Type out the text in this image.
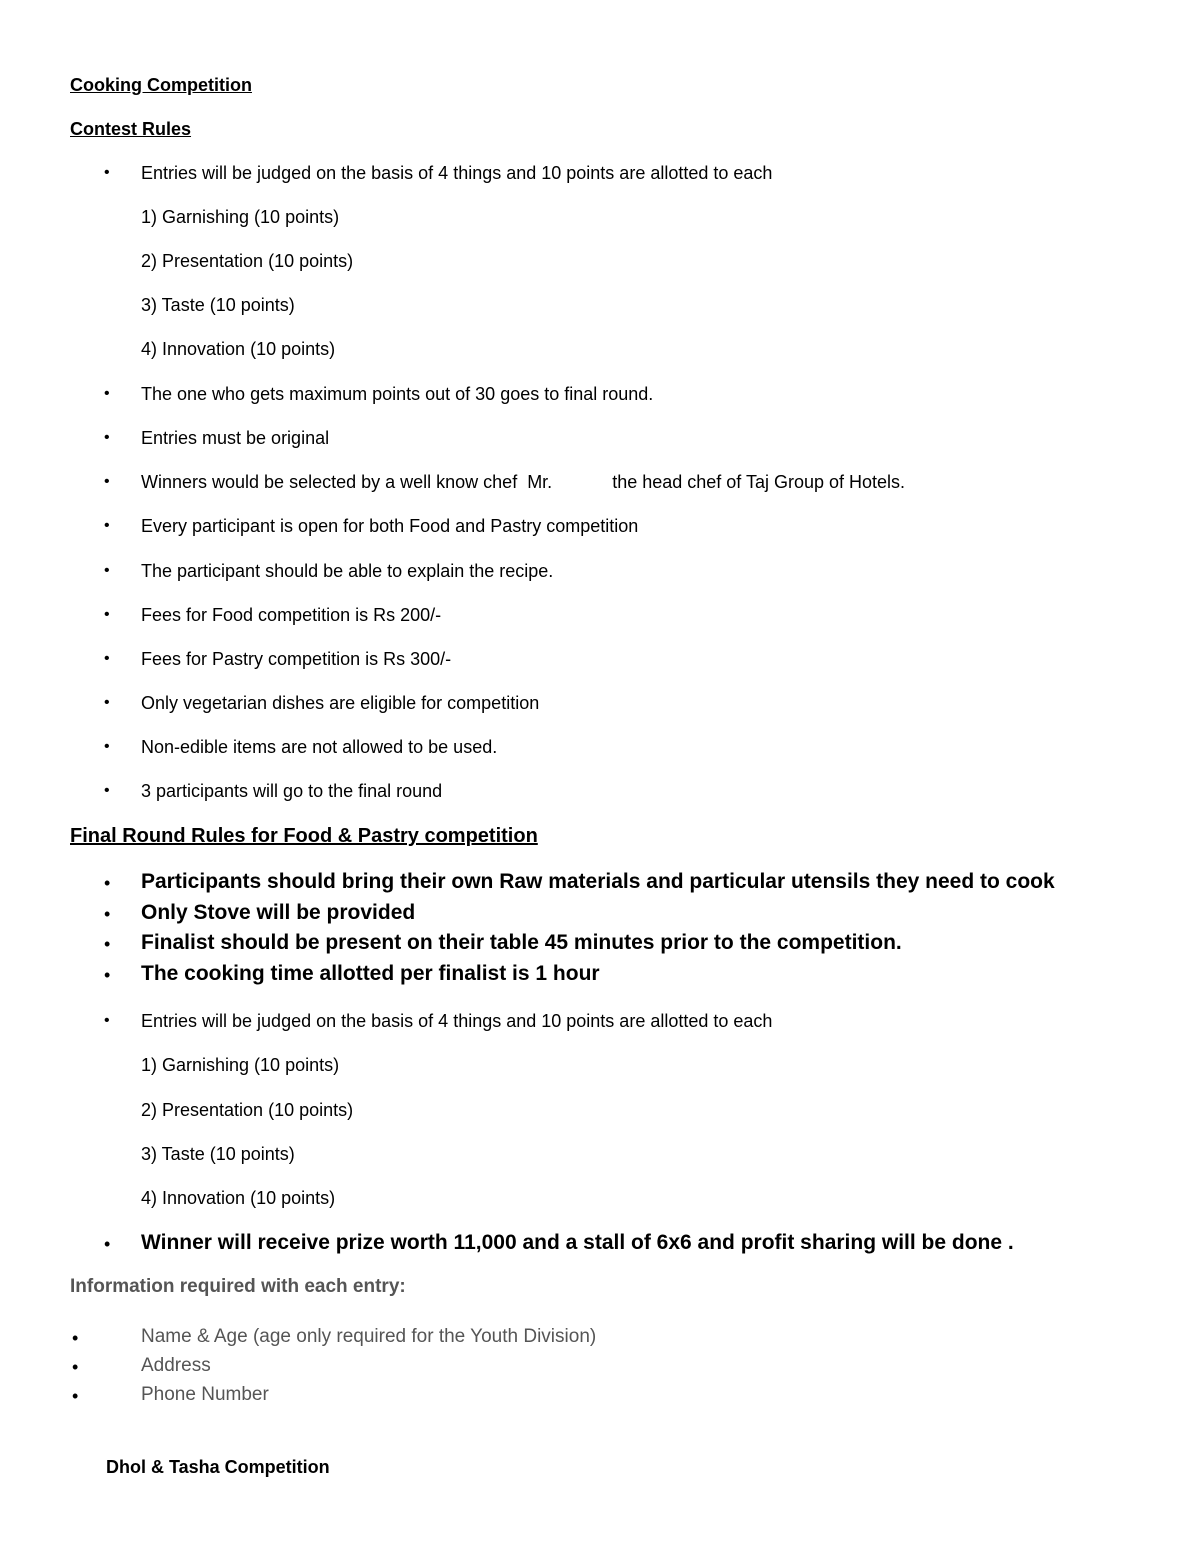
Cooking Competition
Contest Rules
• Entries will be judged on the basis of 4 things and 10 points are allotted to each
1) Garnishing (10 points)
2) Presentation (10 points)
3) Taste (10 points)
4) Innovation (10 points)
• The one who gets maximum points out of 30 goes to final round.
• Entries must be original
• Winners would be selected by a well know chef  Mr.            the head chef of Taj Group of Hotels.
• Every participant is open for both Food and Pastry competition
• The participant should be able to explain the recipe.
• Fees for Food competition is Rs 200/-
• Fees for Pastry competition is Rs 300/-
• Only vegetarian dishes are eligible for competition
• Non-edible items are not allowed to be used.
• 3 participants will go to the final round
Final Round Rules for Food & Pastry competition
• Participants should bring their own Raw materials and particular utensils they need to cook
• Only Stove will be provided
• Finalist should be present on their table 45 minutes prior to the competition.
• The cooking time allotted per finalist is 1 hour
• Entries will be judged on the basis of 4 things and 10 points are allotted to each
1) Garnishing (10 points)
2) Presentation (10 points)
3) Taste (10 points)
4) Innovation (10 points)
• Winner will receive prize worth 11,000 and a stall of 6x6 and profit sharing will be done .
Information required with each entry:
•	Name & Age (age only required for the Youth Division)
•	Address
•	Phone Number
Dhol & Tasha Competition
